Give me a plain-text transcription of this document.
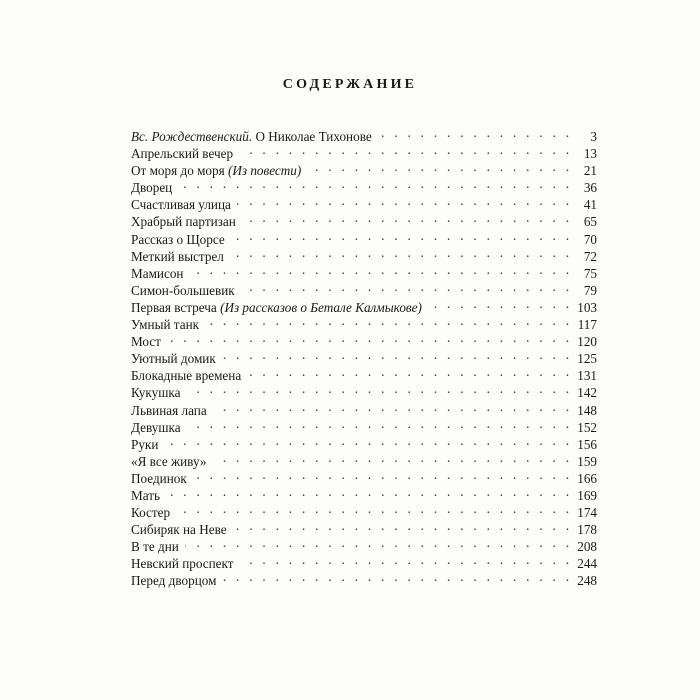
СОДЕРЖАНИЕ
Вс. Рождественский. О Николае Тихонове . .	3
Апрельский вечер . .	13
От моря до моря (Из повести) . .	21
Дворец . .	36
Счастливая улица . .	41
Храбрый партизан . .	65
Рассказ о Щорсе . .	70
Меткий выстрел . .	72
Мамисон . .	75
Симон-большевик . .	79
Первая встреча (Из рассказов о Бетале Калмыкове) . .	103
Умный танк . .	117
Мост . .	120
Уютный домик . .	125
Блокадные времена . .	131
Кукушка . .	142
Львиная лапа . .	148
Девушка . .	152
Руки . .	156
«Я все живу» . .	159
Поединок . .	166
Мать . .	169
Костер . .	174
Сибиряк на Неве . .	178
В те дни . .	208
Невский проспект . .	244
Перед дворцом . .	248
